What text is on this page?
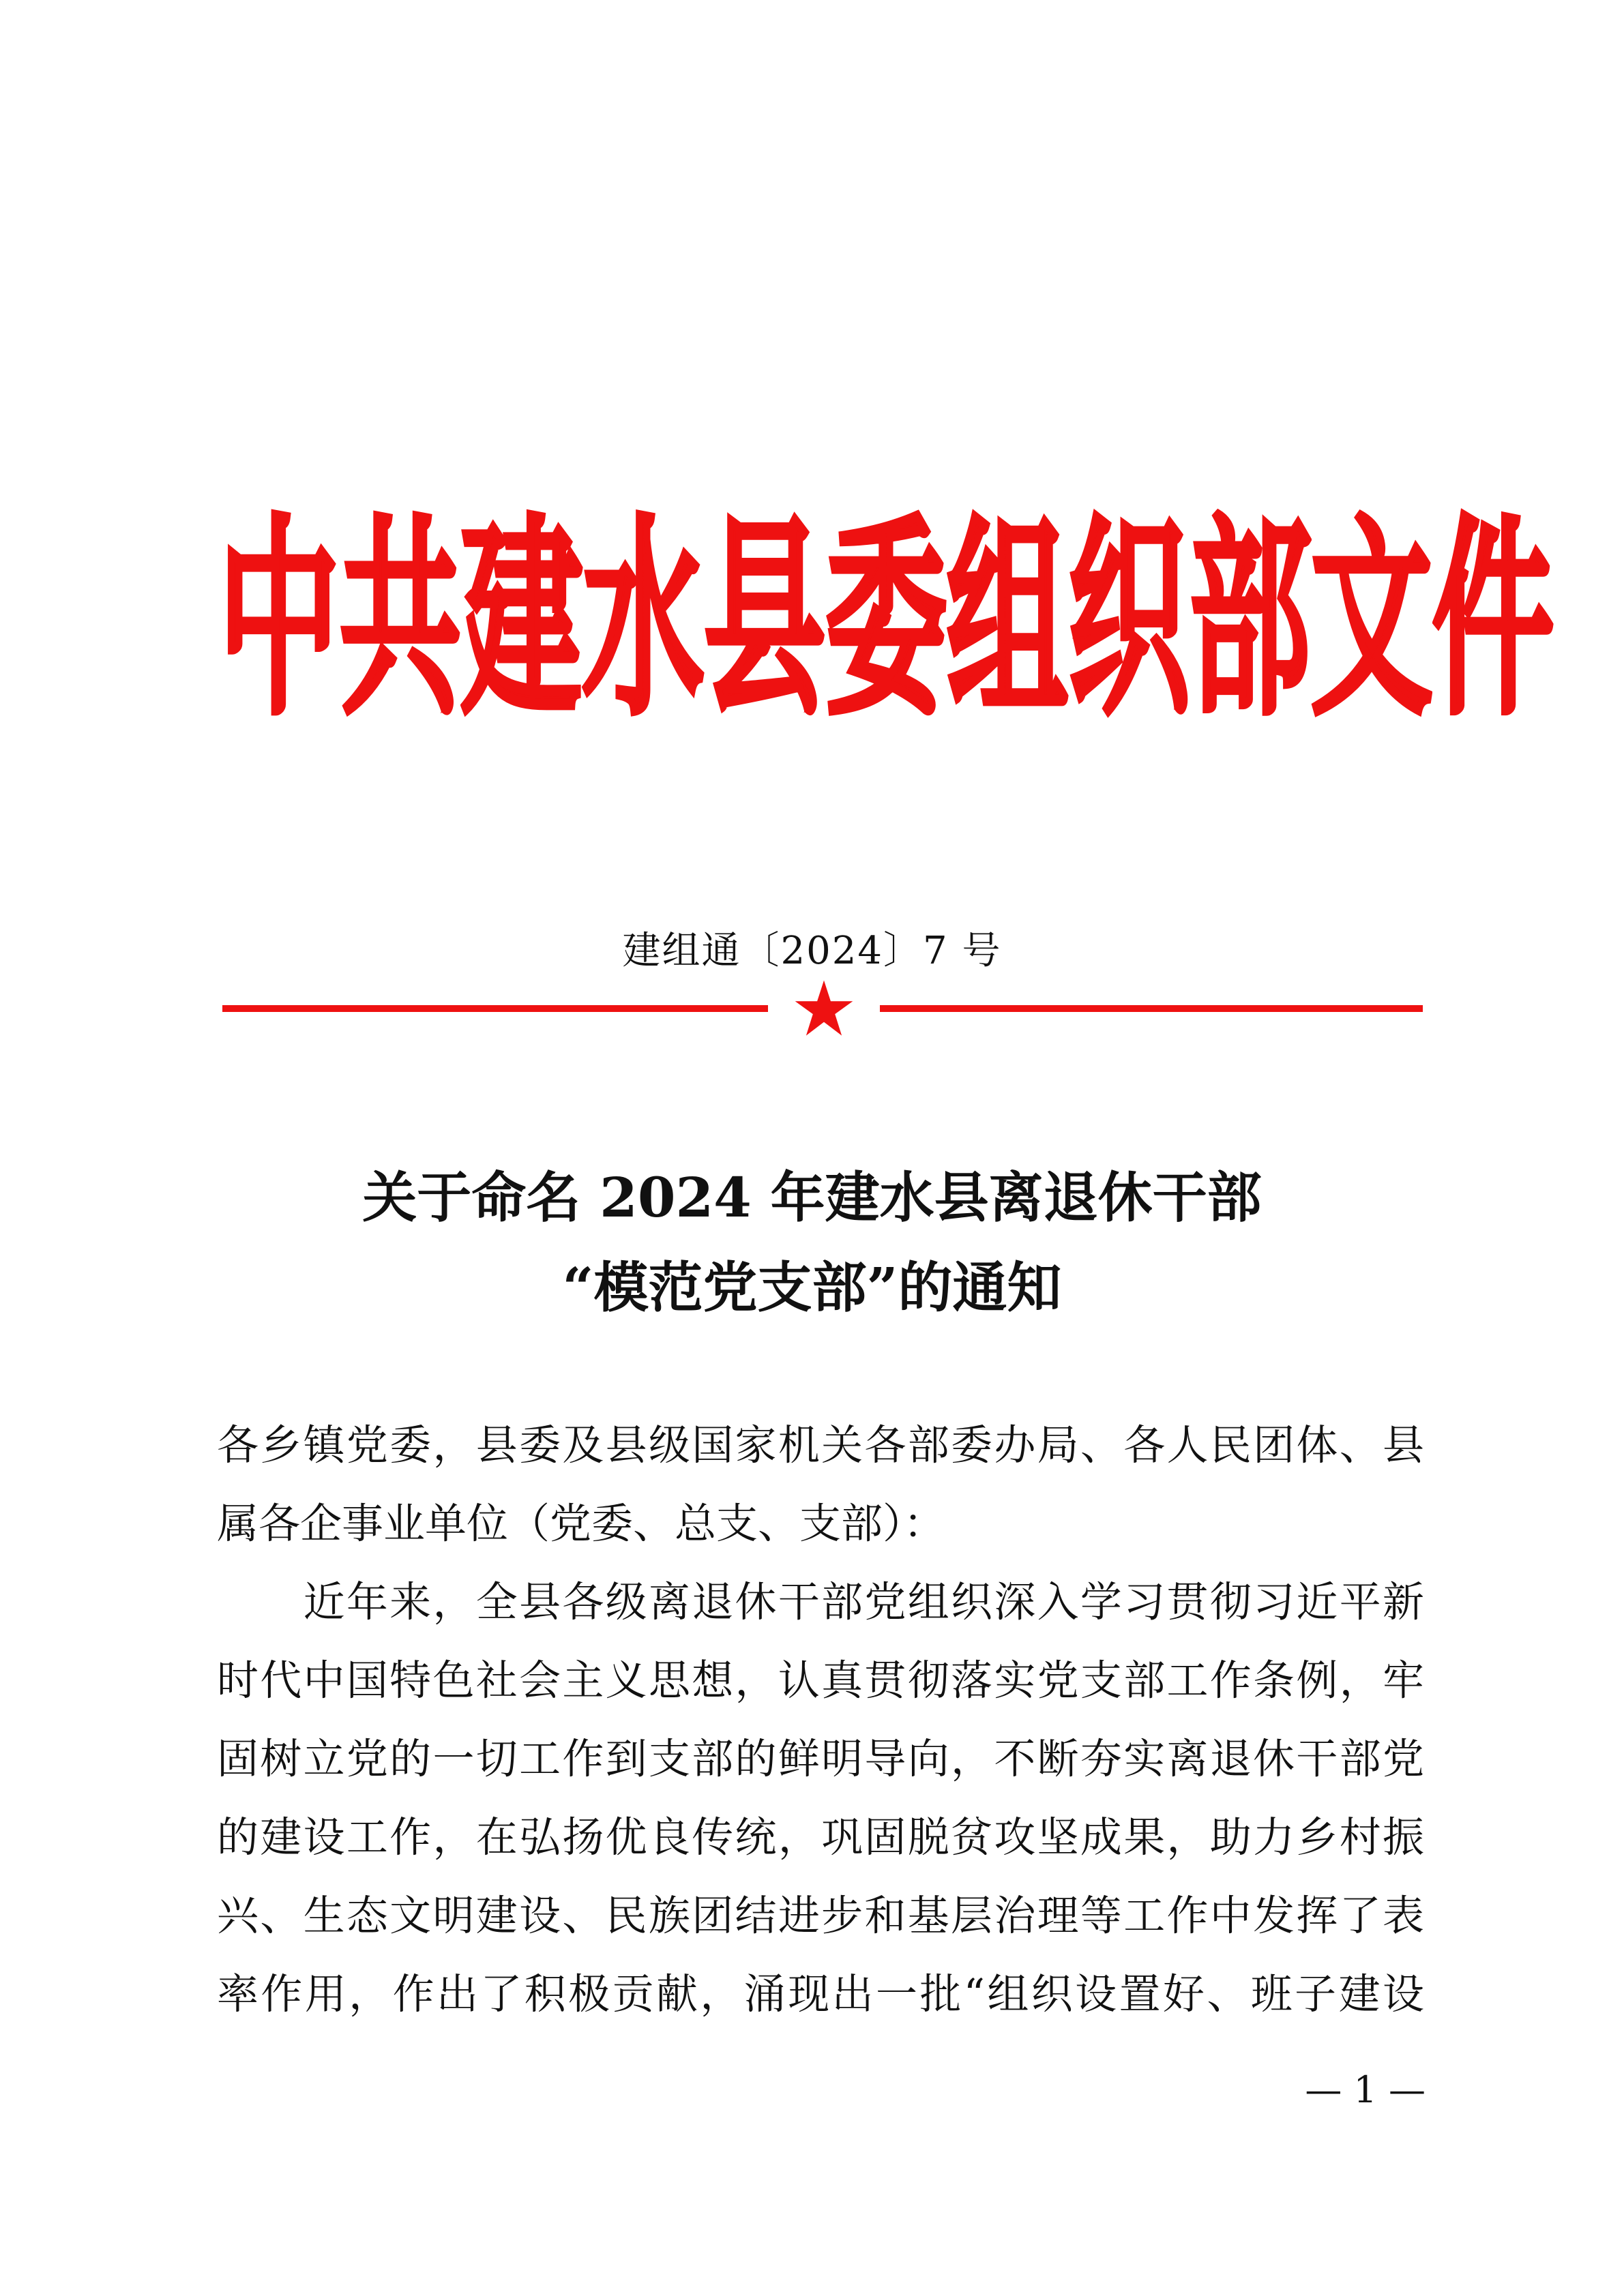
中 共 建 水 县 委 组 织 部 文 件
建组通〔2024〕7 号
关于命名 2024 年建水县离退休干部
“模范党支部”的通知
各乡镇党委，县委及县级国家机关各部委办局、各人民团体、县
属各企事业单位（党委、总支、支部）：
　　近年来，全县各级离退休干部党组织深入学习贯彻习近平新
时代中国特色社会主义思想，认真贯彻落实党支部工作条例，牢
固树立党的一切工作到支部的鲜明导向，不断夯实离退休干部党
的建设工作，在弘扬优良传统，巩固脱贫攻坚成果，助力乡村振
兴、生态文明建设、民族团结进步和基层治理等工作中发挥了表
率作用，作出了积极贡献，涌现出一批“组织设置好、班子建设
— 1 —
